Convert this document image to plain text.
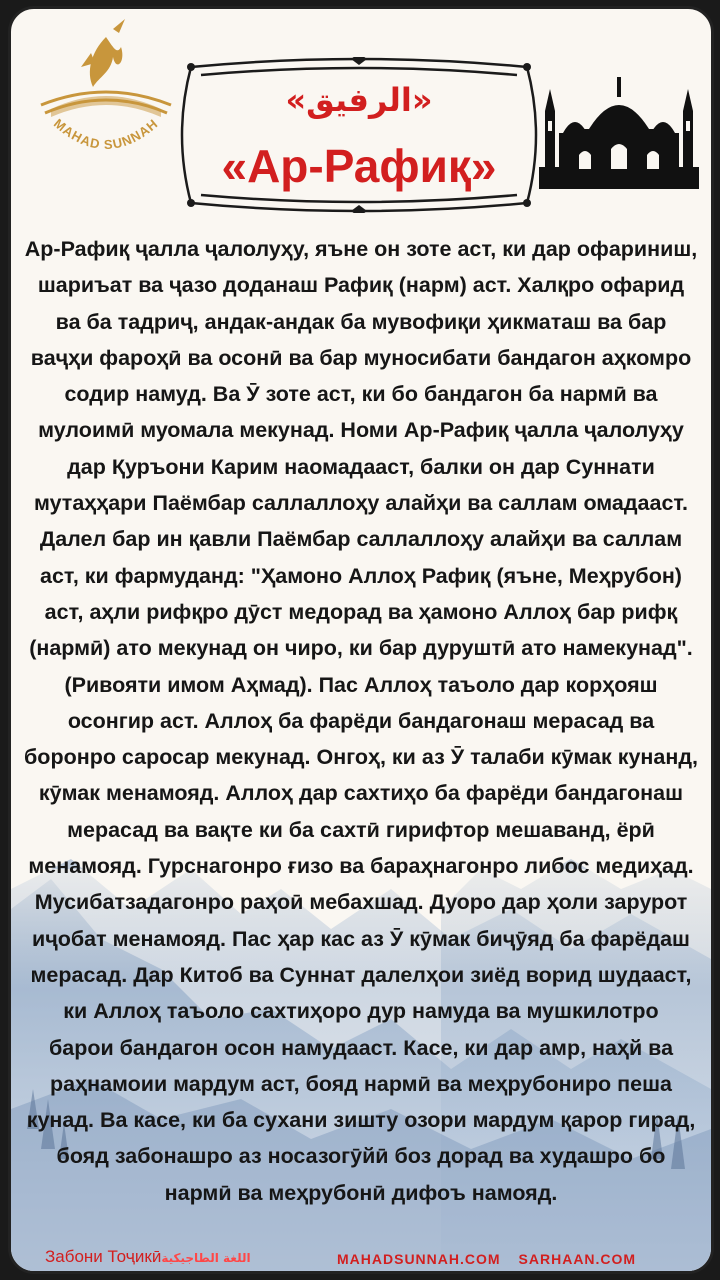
MAHAD SUNNAH
«الرفيق»
«Ар-Рафиқ»
Ар-Рафиқ ҷалла ҷалолуҳу, яъне он зоте аст, ки дар офариниш,
шариъат ва ҷазо доданаш Рафиқ (нарм) аст. Халқро офарид
ва ба тадриҷ, андак-андак ба мувофиқи ҳикматаш ва бар
ваҷҳи фароҳӣ ва осонӣ ва бар муносибати бандагон аҳкомро
содир намуд. Ва Ӯ зоте аст, ки бо бандагон ба нармӣ ва
мулоимӣ муомала мекунад. Номи Ар-Рафиқ ҷалла ҷалолуҳу
дар Қуръони Карим наомадааст, балки он дар Суннати
мутаҳҳари Паёмбар саллаллоҳу алайҳи ва саллам омадааст.
Далел бар ин қавли Паёмбар саллаллоҳу алайҳи ва саллам
аст, ки фармуданд: "Ҳамоно Аллоҳ Рафиқ (яъне, Меҳрубон)
аст, аҳли рифқро дӯст медорад ва ҳамоно Аллоҳ бар рифқ
(нармӣ) ато мекунад он чиро, ки бар дуруштӣ ато намекунад".
(Ривояти имом Аҳмад). Пас Аллоҳ таъоло дар корҳояш
осонгир аст. Аллоҳ ба фарёди бандагонаш мерасад ва
боронро саросар мекунад. Онгоҳ, ки аз Ӯ талаби кӯмак кунанд,
кӯмак менамояд. Аллоҳ дар сахтиҳо ба фарёди бандагонаш
мерасад ва вақте ки ба сахтӣ гирифтор мешаванд, ёрӣ
менамояд. Гурснагонро ғизо ва бараҳнагонро либос медиҳад.
Мусибатзадагонро раҳоӣ мебахшад. Дуоро дар ҳоли зарурот
иҷобат менамояд. Пас ҳар кас аз Ӯ кӯмак биҷӯяд ба фарёдаш
мерасад. Дар Китоб ва Суннат далелҳои зиёд ворид шудааст,
ки Аллоҳ таъоло сахтиҳоро дур намуда ва мушкилотро
барои бандагон осон намудааст. Касе, ки дар амр, наҳй ва
раҳнамоии мардум аст, бояд нармӣ ва меҳрубониро пеша
кунад. Ва касе, ки ба сухани зишту озори мардум қарор гирад,
бояд забонашро аз носазогӯйӣ боз дорад ва худашро бо
нармӣ ва меҳрубонӣ дифоъ намояд.
Забони Тоҷикӣاللغة الطاجيكية	MAHADSUNNAH.COM SARHAAN.COM
